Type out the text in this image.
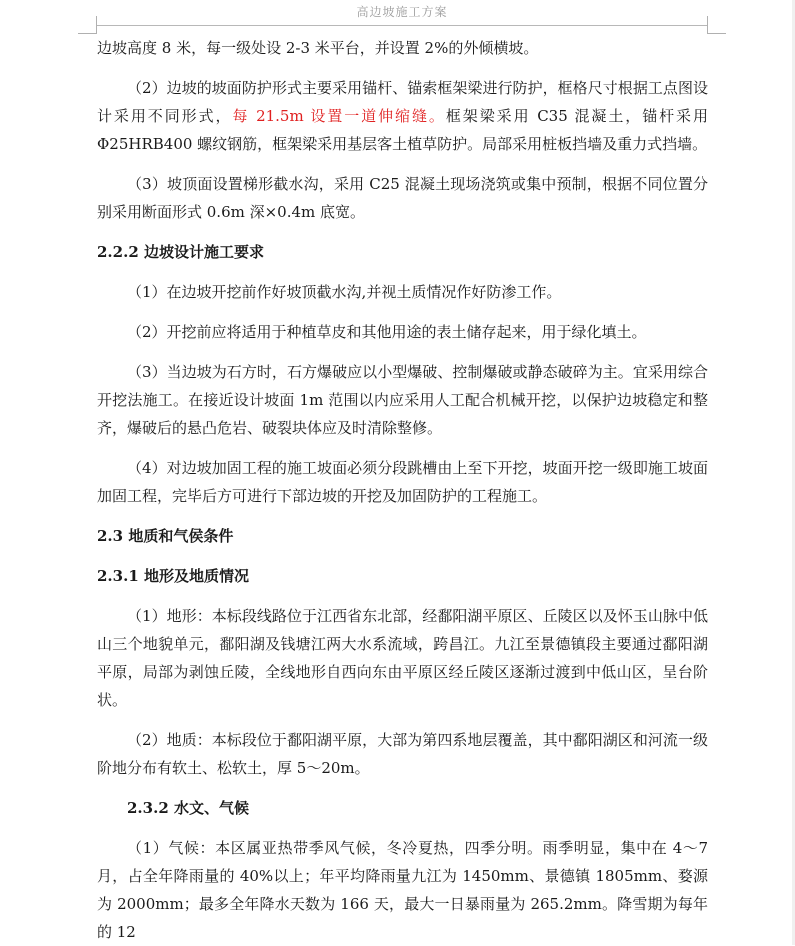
高边坡施工方案

边坡高度 8 米，每一级处设 2-3 米平台，并设置 2%的外倾横坡。

（2）边坡的坡面防护形式主要采用锚杆、锚索框架梁进行防护，框格尺寸根据工点图设计采用不同形式，每 21.5m 设置一道伸缩缝。框架梁采用 C35 混凝土，锚杆采用Φ25HRB400 螺纹钢筋，框架梁采用基层客土植草防护。局部采用桩板挡墙及重力式挡墙。

（3）坡顶面设置梯形截水沟，采用 C25 混凝土现场浇筑或集中预制，根据不同位置分别采用断面形式 0.6m 深×0.4m 底宽。

2.2.2 边坡设计施工要求

（1）在边坡开挖前作好坡顶截水沟,并视土质情况作好防渗工作。

（2）开挖前应将适用于种植草皮和其他用途的表土储存起来，用于绿化填土。

（3）当边坡为石方时，石方爆破应以小型爆破、控制爆破或静态破碎为主。宜采用综合开挖法施工。在接近设计坡面 1m 范围以内应采用人工配合机械开挖，以保护边坡稳定和整齐，爆破后的悬凸危岩、破裂块体应及时清除整修。

（4）对边坡加固工程的施工坡面必须分段跳槽由上至下开挖，坡面开挖一级即施工坡面加固工程，完毕后方可进行下部边坡的开挖及加固防护的工程施工。

2.3 地质和气侯条件

2.3.1 地形及地质情况

（1）地形：本标段线路位于江西省东北部，经鄱阳湖平原区、丘陵区以及怀玉山脉中低山三个地貌单元，鄱阳湖及钱塘江两大水系流域，跨昌江。九江至景德镇段主要通过鄱阳湖平原，局部为剥蚀丘陵，全线地形自西向东由平原区经丘陵区逐渐过渡到中低山区，呈台阶状。

（2）地质：本标段位于鄱阳湖平原，大部为第四系地层覆盖，其中鄱阳湖区和河流一级阶地分布有软土、松软土，厚 5～20m。

2.3.2 水文、气候

（1）气候：本区属亚热带季风气候，冬冷夏热，四季分明。雨季明显，集中在 4～7 月，占全年降雨量的 40%以上；年平均降雨量九江为 1450mm、景德镇 1805mm、婺源为 2000mm；最多全年降水天数为 166 天，最大一日暴雨量为 265.2mm。降雪期为每年的 12
